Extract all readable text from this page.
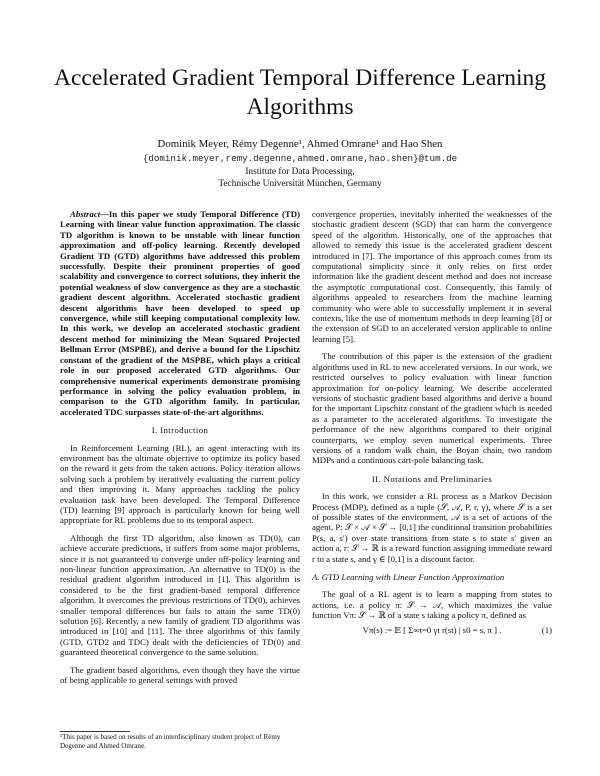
Accelerated Gradient Temporal Difference Learning Algorithms
Dominik Meyer, Rémy Degenne¹, Ahmed Omrane¹ and Hao Shen
{dominik.meyer,remy.degenne,ahmed.omrane,hao.shen}@tum.de
Institute for Data Processing,
Technische Universität München, Germany

Abstract—In this paper we study Temporal Difference (TD) Learning with linear value function approximation. The classic TD algorithm is known to be unstable with linear function approximation and off-policy learning. Recently developed Gradient TD (GTD) algorithms have addressed this problem successfully. Despite their prominent properties of good scalability and convergence to correct solutions, they inherit the potential weakness of slow convergence as they are a stochastic gradient descent algorithm. Accelerated stochastic gradient descent algorithms have been developed to speed up convergence, while still keeping computational complexity low. In this work, we develop an accelerated stochastic gradient descent method for minimizing the Mean Squared Projected Bellman Error (MSPBE), and derive a bound for the Lipschitz constant of the gradient of the MSPBE, which plays a critical role in our proposed accelerated GTD algorithms. Our comprehensive numerical experiments demonstrate promising performance in solving the policy evaluation problem, in comparison to the GTD algorithm family. In particular, accelerated TDC surpasses state-of-the-art algorithms.

I. Introduction

In Reinforcement Learning (RL), an agent interacting with its environment has the ultimate objective to optimize its policy based on the reward it gets from the taken actions. Policy iteration allows solving such a problem by iteratively evaluating the current policy and then improving it. Many approaches tackling the policy evaluation task have been developed. The Temporal Difference (TD) learning [9] approach is particularly known for being well appropriate for RL problems due to its temporal aspect.

Although the first TD algorithm, also known as TD(0), can achieve accurate predictions, it suffers from some major problems, since it is not guaranteed to converge under off-policy learning and non-linear function approximation. An alternative to TD(0) is the residual gradient algorithm introduced in [1]. This algorithm is considered to be the first gradient-based temporal difference algorithm. It overcomes the previous restrictions of TD(0), achieves smaller temporal differences but fails to attain the same TD(0) solution [6]. Recently, a new family of gradient TD algorithms was introduced in [10] and [11]. The three algorithms of this family (GTD, GTD2 and TDC) dealt with the deficiencies of TD(0) and guaranteed theoretical convergence to the same solution.

The gradient based algorithms, even though they have the virtue of being applicable to general settings with proved

convergence properties, inevitably inherited the weaknesses of the stochastic gradient descent (SGD) that can harm the convergence speed of the algorithm. Historically, one of the approaches that allowed to remedy this issue is the accelerated gradient descent introduced in [7]. The importance of this approach comes from its computational simplicity since it only relies on first order information like the gradient descent method and does not increase the asymptotic computational cost. Consequently, this family of algorithms appealed to researchers from the machine learning community who were able to successfully implement it in several contexts, like the use of momentum methods in deep learning [8] or the extension of SGD to an accelerated version applicable to online learning [5].

The contribution of this paper is the extension of the gradient algorithms used in RL to new accelerated versions. In our work, we restricted ourselves to policy evaluation with linear function approximation for on-policy learning. We describe accelerated versions of stochastic gradient based algorithms and derive a bound for the important Lipschitz constant of the gradient which is needed as a parameter to the accelerated algorithms. To investigate the performance of the new algorithms compared to their original counterparts, we employ seven numerical experiments. Three versions of a random walk chain, the Boyan chain, two random MDPs and a continuous cart-pole balancing task.

II. Notations and Preliminaries

In this work, we consider a RL process as a Markov Decision Process (MDP), defined as a tuple (𝒮, 𝒜, P, r, γ), where 𝒮 is a set of possible states of the environment, 𝒜 is a set of actions of the agent, P: 𝒮 × 𝒜 × 𝒮 → [0,1] the conditional transition probabilities P(s, a, s′) over state transitions from state s to state s′ given an action a, r: 𝒮 → ℝ is a reward function assigning immediate reward r to a state s, and γ ∈ [0,1] is a discount factor.

A. GTD Learning with Linear Function Approximation

The goal of a RL agent is to learn a mapping from states to actions, i.e. a policy π: 𝒮 → 𝒜, which maximizes the value function Vπ: 𝒮 → ℝ of a state s taking a policy π, defined as

Vπ(s) := 𝔼 [ Σ∞t=0 γt r(st) | s0 = s, π ] .	(1)
¹This paper is based on results of an interdisciplinary student project of Rémy Degenne and Ahmed Omrane.
